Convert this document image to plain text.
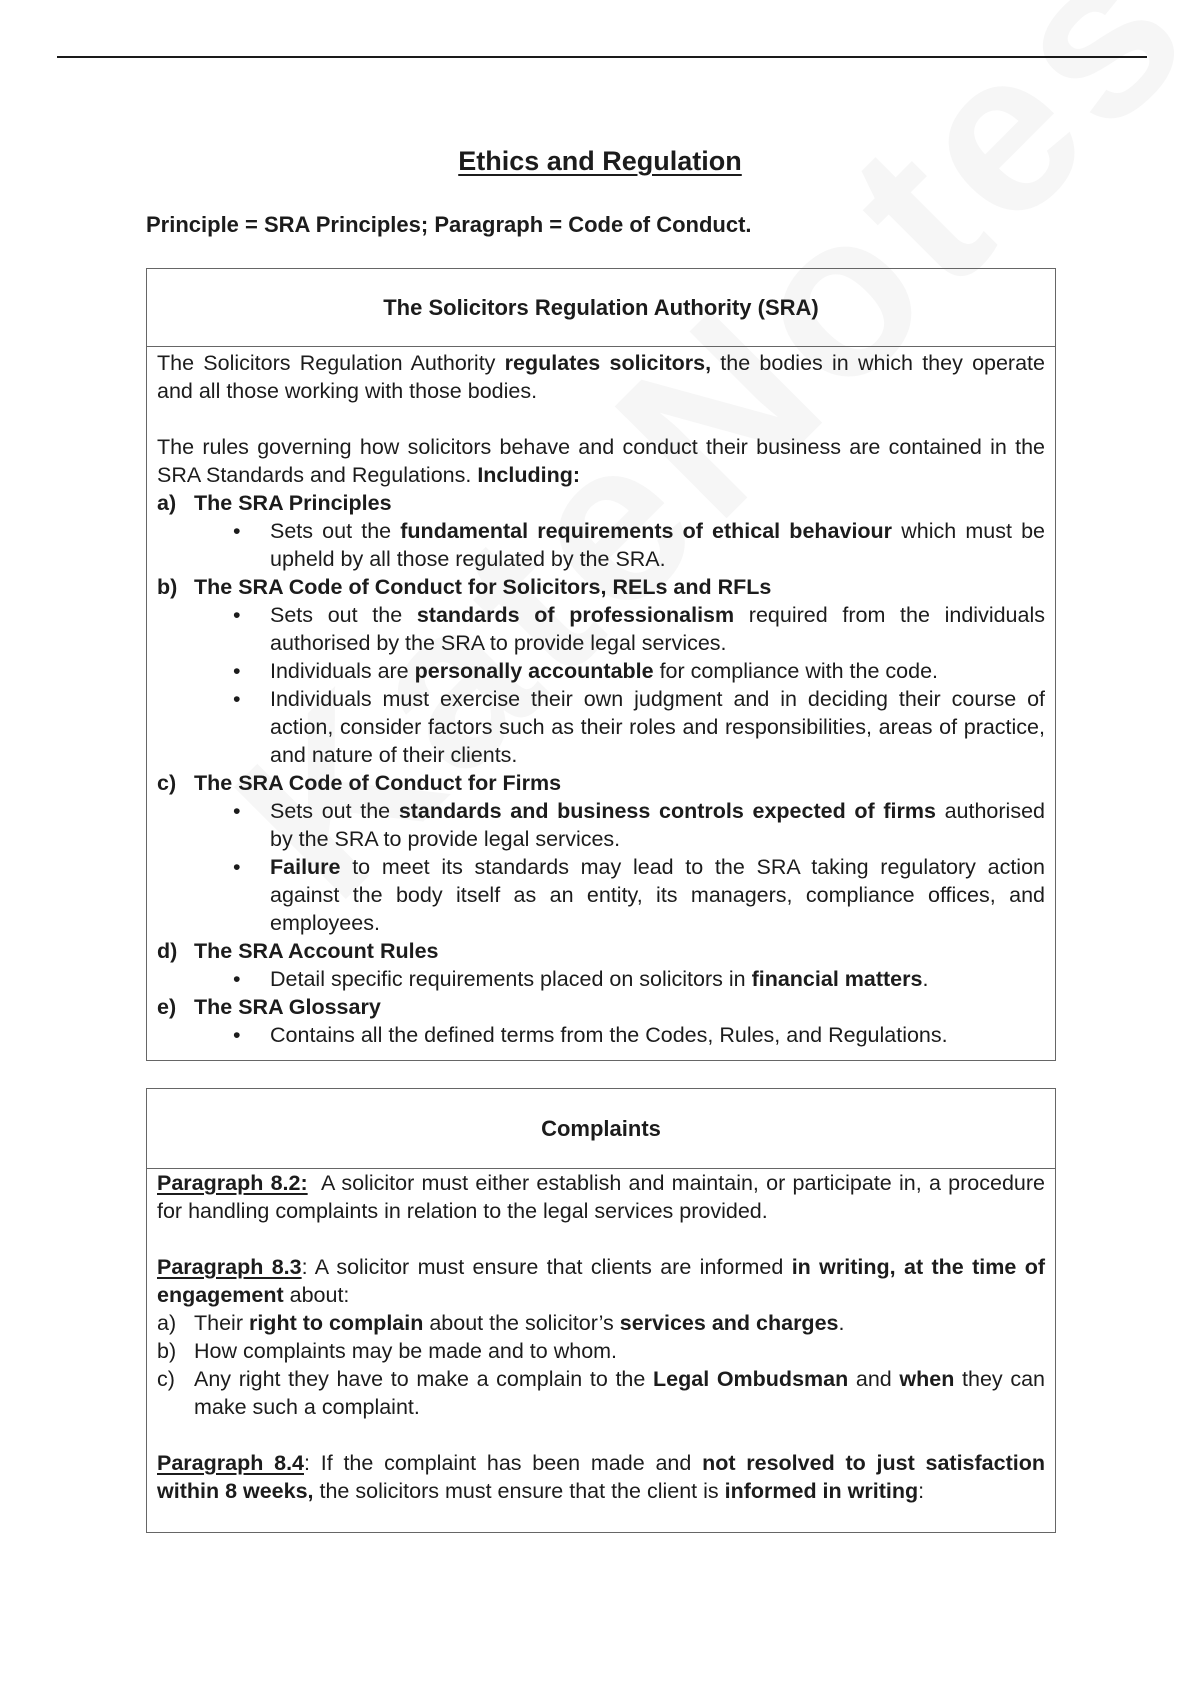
Ethics and Regulation

Principle = SRA Principles; Paragraph = Code of Conduct.

The Solicitors Regulation Authority (SRA)

The Solicitors Regulation Authority regulates solicitors, the bodies in which they operate and all those working with those bodies.

The rules governing how solicitors behave and conduct their business are contained in the SRA Standards and Regulations. Including:

a) The SRA Principles
• Sets out the fundamental requirements of ethical behaviour which must be upheld by all those regulated by the SRA.
b) The SRA Code of Conduct for Solicitors, RELs and RFLs
• Sets out the standards of professionalism required from the individuals authorised by the SRA to provide legal services.
• Individuals are personally accountable for compliance with the code.
• Individuals must exercise their own judgment and in deciding their course of action, consider factors such as their roles and responsibilities, areas of practice, and nature of their clients.
c) The SRA Code of Conduct for Firms
• Sets out the standards and business controls expected of firms authorised by the SRA to provide legal services.
• Failure to meet its standards may lead to the SRA taking regulatory action against the body itself as an entity, its managers, compliance offices, and employees.
d) The SRA Account Rules
• Detail specific requirements placed on solicitors in financial matters.
e) The SRA Glossary
• Contains all the defined terms from the Codes, Rules, and Regulations.
Complaints

Paragraph 8.2:  A solicitor must either establish and maintain, or participate in, a procedure for handling complaints in relation to the legal services provided.

Paragraph 8.3: A solicitor must ensure that clients are informed in writing, at the time of engagement about:

a) Their right to complain about the solicitor’s services and charges.
b) How complaints may be made and to whom.
c) Any right they have to make a complain to the Legal Ombudsman and when they can make such a complaint.

Paragraph 8.4: If the complaint has been made and not resolved to just satisfaction within 8 weeks, the solicitors must ensure that the client is informed in writing:
